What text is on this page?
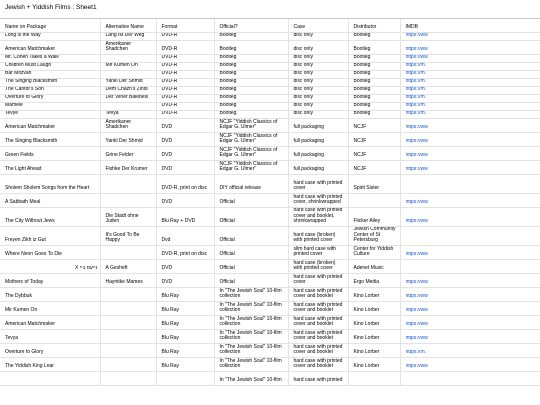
Jewish + Yiddish Films : Sheet1
Name on Package	Alternative Name	Format	Official?	Case	Distributor	IMDB
Long is the Way	Lang Ist Der Weg	DVD-R	Bootleg	disc only	Bootleg	https://ww
American Matchmaker	Amerikaner Shadchen	DVD-R	Bootleg	disc only	Bootleg	https://ww
Mr. Cohen Takes a Walk		DVD-R	Bootleg	disc only	Bootleg	https://ww
Children Must Laugh	Mir Kumen On	DVD-R	Bootleg	disc only	Bootleg	https://m.
Bar Mitzvah		DVD-R	Bootleg	disc only	Bootleg	https://m.
The Singing Blacksmith	Yankl Der Shmid	DVD-R	Bootleg	disc only	Bootleg	https://m.
The Cantor's Son	Dem Chazn's Zindl	DVD-R	Bootleg	disc only	Bootleg	https://m.
Overture to Glory	Der Vilner Balebesi	DVD-R	Bootleg	disc only	Bootleg	https://m.
Mamele		DVD-R	Bootleg	disc only	Bootleg	https://m.
Tevye	Tevya	DVD-R	Bootleg	disc only	Bootleg	https://m.
American Matchmaker	Amerikaner Shadchen	DVD	NCJF "Yiddish Classics of Edgar G. Ulmer"	full packaging	NCJF	https://ww
The Singing Blacksmith	Yankl Der Shmid	DVD	NCJF "Yiddish Classics of Edgar G. Ulmer"	full packaging	NCJF	https://ww
Green Fields	Grine Felder	DVD	NCJF "Yiddish Classics of Edgar G. Ulmer"	full packaging	NCJF	https://ww
The Light Ahead	Fishke Der Krumer	DVD	NCJF "Yiddish Classics of Edgar G. Ulmer"	full packaging	NCJF	https://ww
Sholem Sholem Songs from the Heart		DVD-R, print on disc	DIY official release	hard case with printed cover	Spirit Sister	
A Sabbath Meal		DVD	Official	hard case with printed cover, shrinkwrapped		https://ww
The City Without Jews	Die Stadt ohne Juden	Blu Ray + DVD	Official	hard case with printed cover and booklet, shrinkwrapped	Flicker Alley	https://ww
Freyen Zikh iz Gut	It's Good To Be Happy	Dvd	Official	hard case (broken) with printed cover	Jewish Community Center of St Petersburg	
Where Neon Goes To Die		DVD-R, print on disc	Official	slim hard case with printed cover	Center for Yiddish Culture	https://ww
Χ נייעס ביי	A Gesheft	DVD	Official	hard case (broken) with printed cover	Adenet Music	
Mothers of Today	Hayntike Mames	DVD	Official	hard case with printed cover	Ergo Media	https://ww
The Dybbuk		Blu Ray	In "The Jewish Soul" 10-film collection	hard case with printed cover and booklet	Kino Lorber	https://ww
Mir Kumen On		Blu Ray	In "The Jewish Soul" 10-film collection	hard case with printed cover and booklet	Kino Lorber	https://ww
American Matchmaker		Blu Ray	In "The Jewish Soul" 10-film collection	hard case with printed cover and booklet	Kino Lorber	https://ww
Tevya		Blu Ray	In "The Jewish Soul" 10-film collection	hard case with printed cover and booklet	Kino Lorber	https://ww
Overture to Glory		Blu Ray	In "The Jewish Soul" 10-film collection	hard case with printed cover and booklet	Kino Lorber	https://m.
The Yiddish King Lear		Blu Ray	In "The Jewish Soul" 10-film collection	hard case with printed cover and booklet	Kino Lorber	https://ww
			In "The Jewish Soul" 10-film	hard case with printed		
